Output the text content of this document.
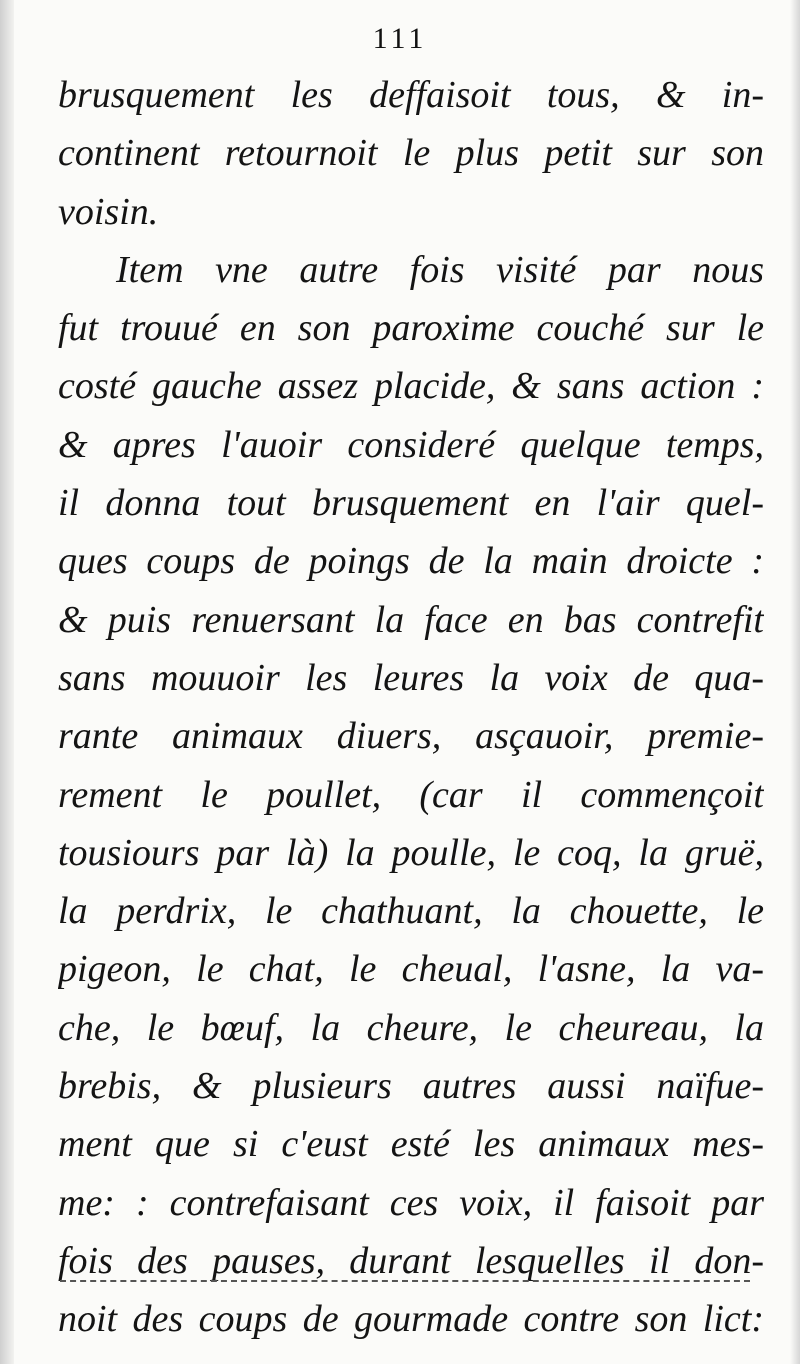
111
brusquement les deffaisoit tous, & in-
continent retournoit le plus petit sur son
voisin.
Item vne autre fois visité par nous
fut trouué en son paroxime couché sur le
costé gauche assez placide, & sans action :
& apres l'auoir consideré quelque temps,
il donna tout brusquement en l'air quel-
ques coups de poings de la main droicte :
& puis renuersant la face en bas contrefit
sans mouuoir les leures la voix de qua-
rante animaux diuers, asçauoir, premie-
rement le poullet, (car il commençoit
tousiours par là) la poulle, le coq, la gruë,
la perdrix, le chathuant, la chouette, le
pigeon, le chat, le cheual, l'asne, la va-
che, le bœuf, la cheure, le cheureau, la
brebis, & plusieurs autres aussi naïfue-
ment que si c'eust esté les animaux mes-
me: : contrefaisant ces voix, il faisoit par
fois des pauses, durant lesquelles il don-
noit des coups de gourmade contre son lict:
